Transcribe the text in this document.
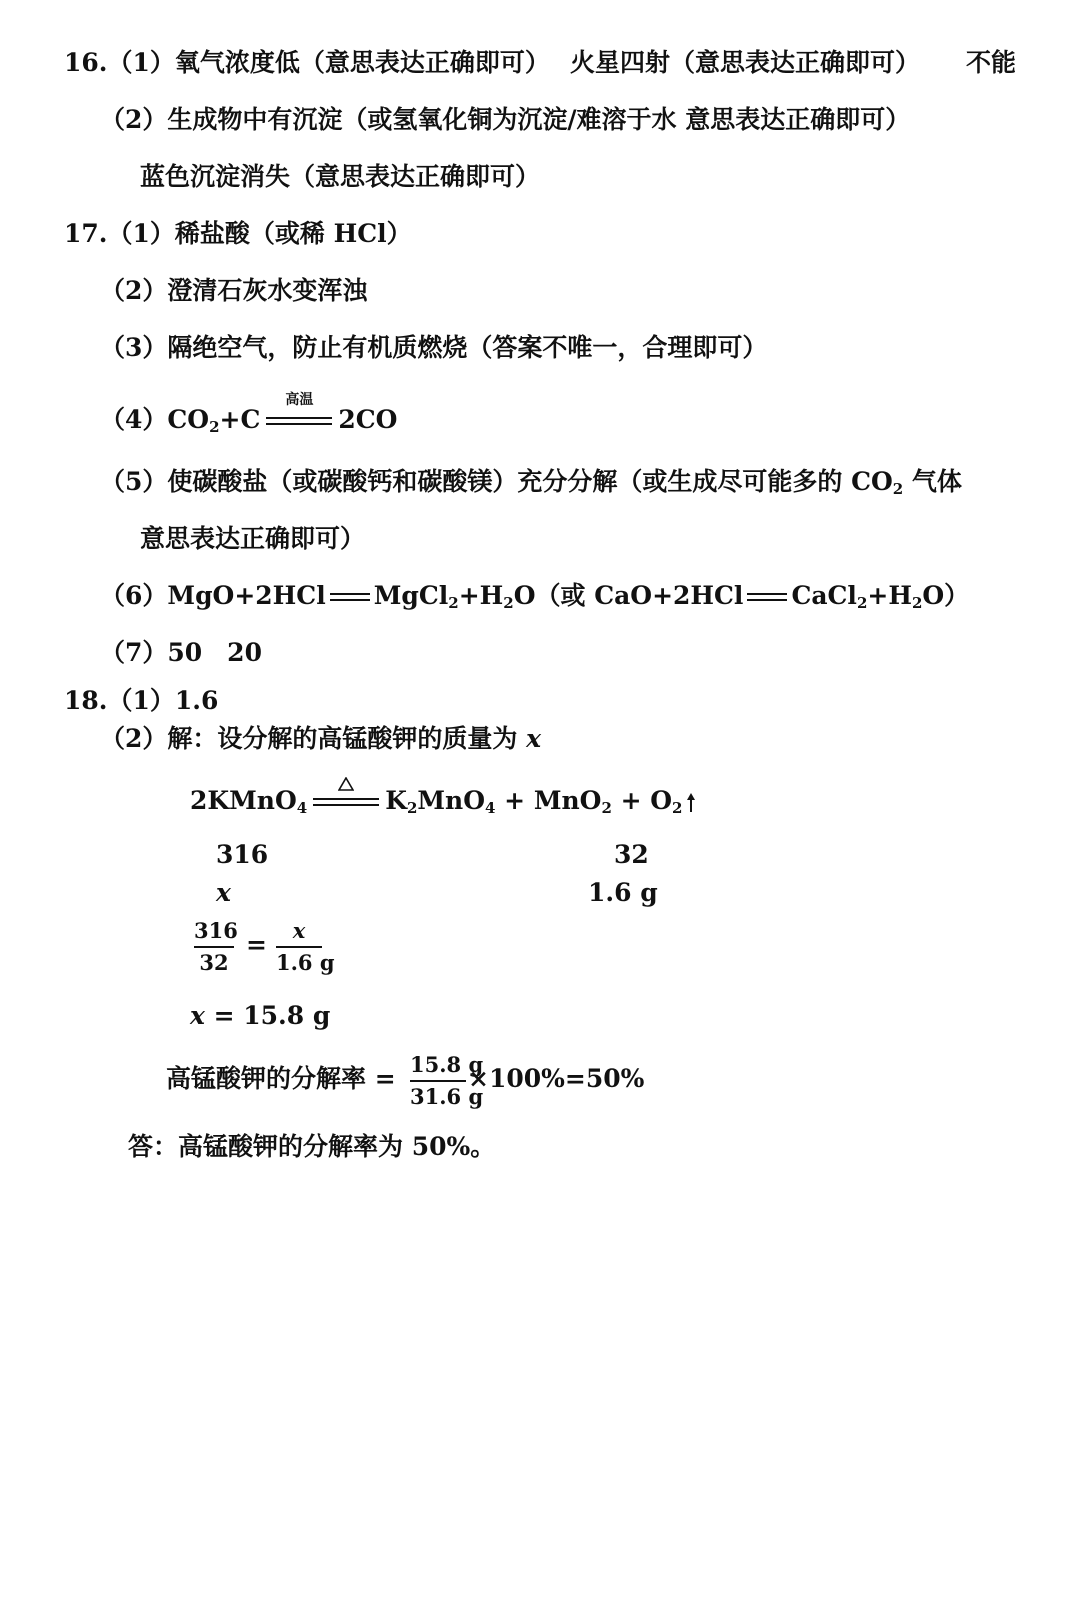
16.（1）氧气浓度低（意思表达正确即可） 火星四射（意思表达正确即可） 不能
（2）生成物中有沉淀（或氢氧化铜为沉淀/难溶于水 意思表达正确即可）
蓝色沉淀消失（意思表达正确即可）
17.（1）稀盐酸（或稀 HCl）
（2）澄清石灰水变浑浊
（3）隔绝空气，防止有机质燃烧（答案不唯一，合理即可）
$(4)CO_2+C$
高温
2CO
（5）使碳酸盐（或碳酸钙和碳酸镁）充分分解（或生成尽可能多的 $CO_2$ 气体
意思表达正确即可）
（6）MgO+2HCl $MgCl_2+H_2O$（或 CaO+2HCl $CaCl_2+H_2O$）
（7）50　20
18.（1）1.6
（2）解：设分解的高锰酸钾的质量为 x
2KMnO$_4$	$K_2MnO_4 + MnO_2 + O_2$
316	32
x	1.6 g
316
32
=	x
1.6 g
x = 15.8 g
高锰酸钾的分解率 = 15.8 g
31.6 g
×100%=50%
答：高锰酸钾的分解率为 50%。
